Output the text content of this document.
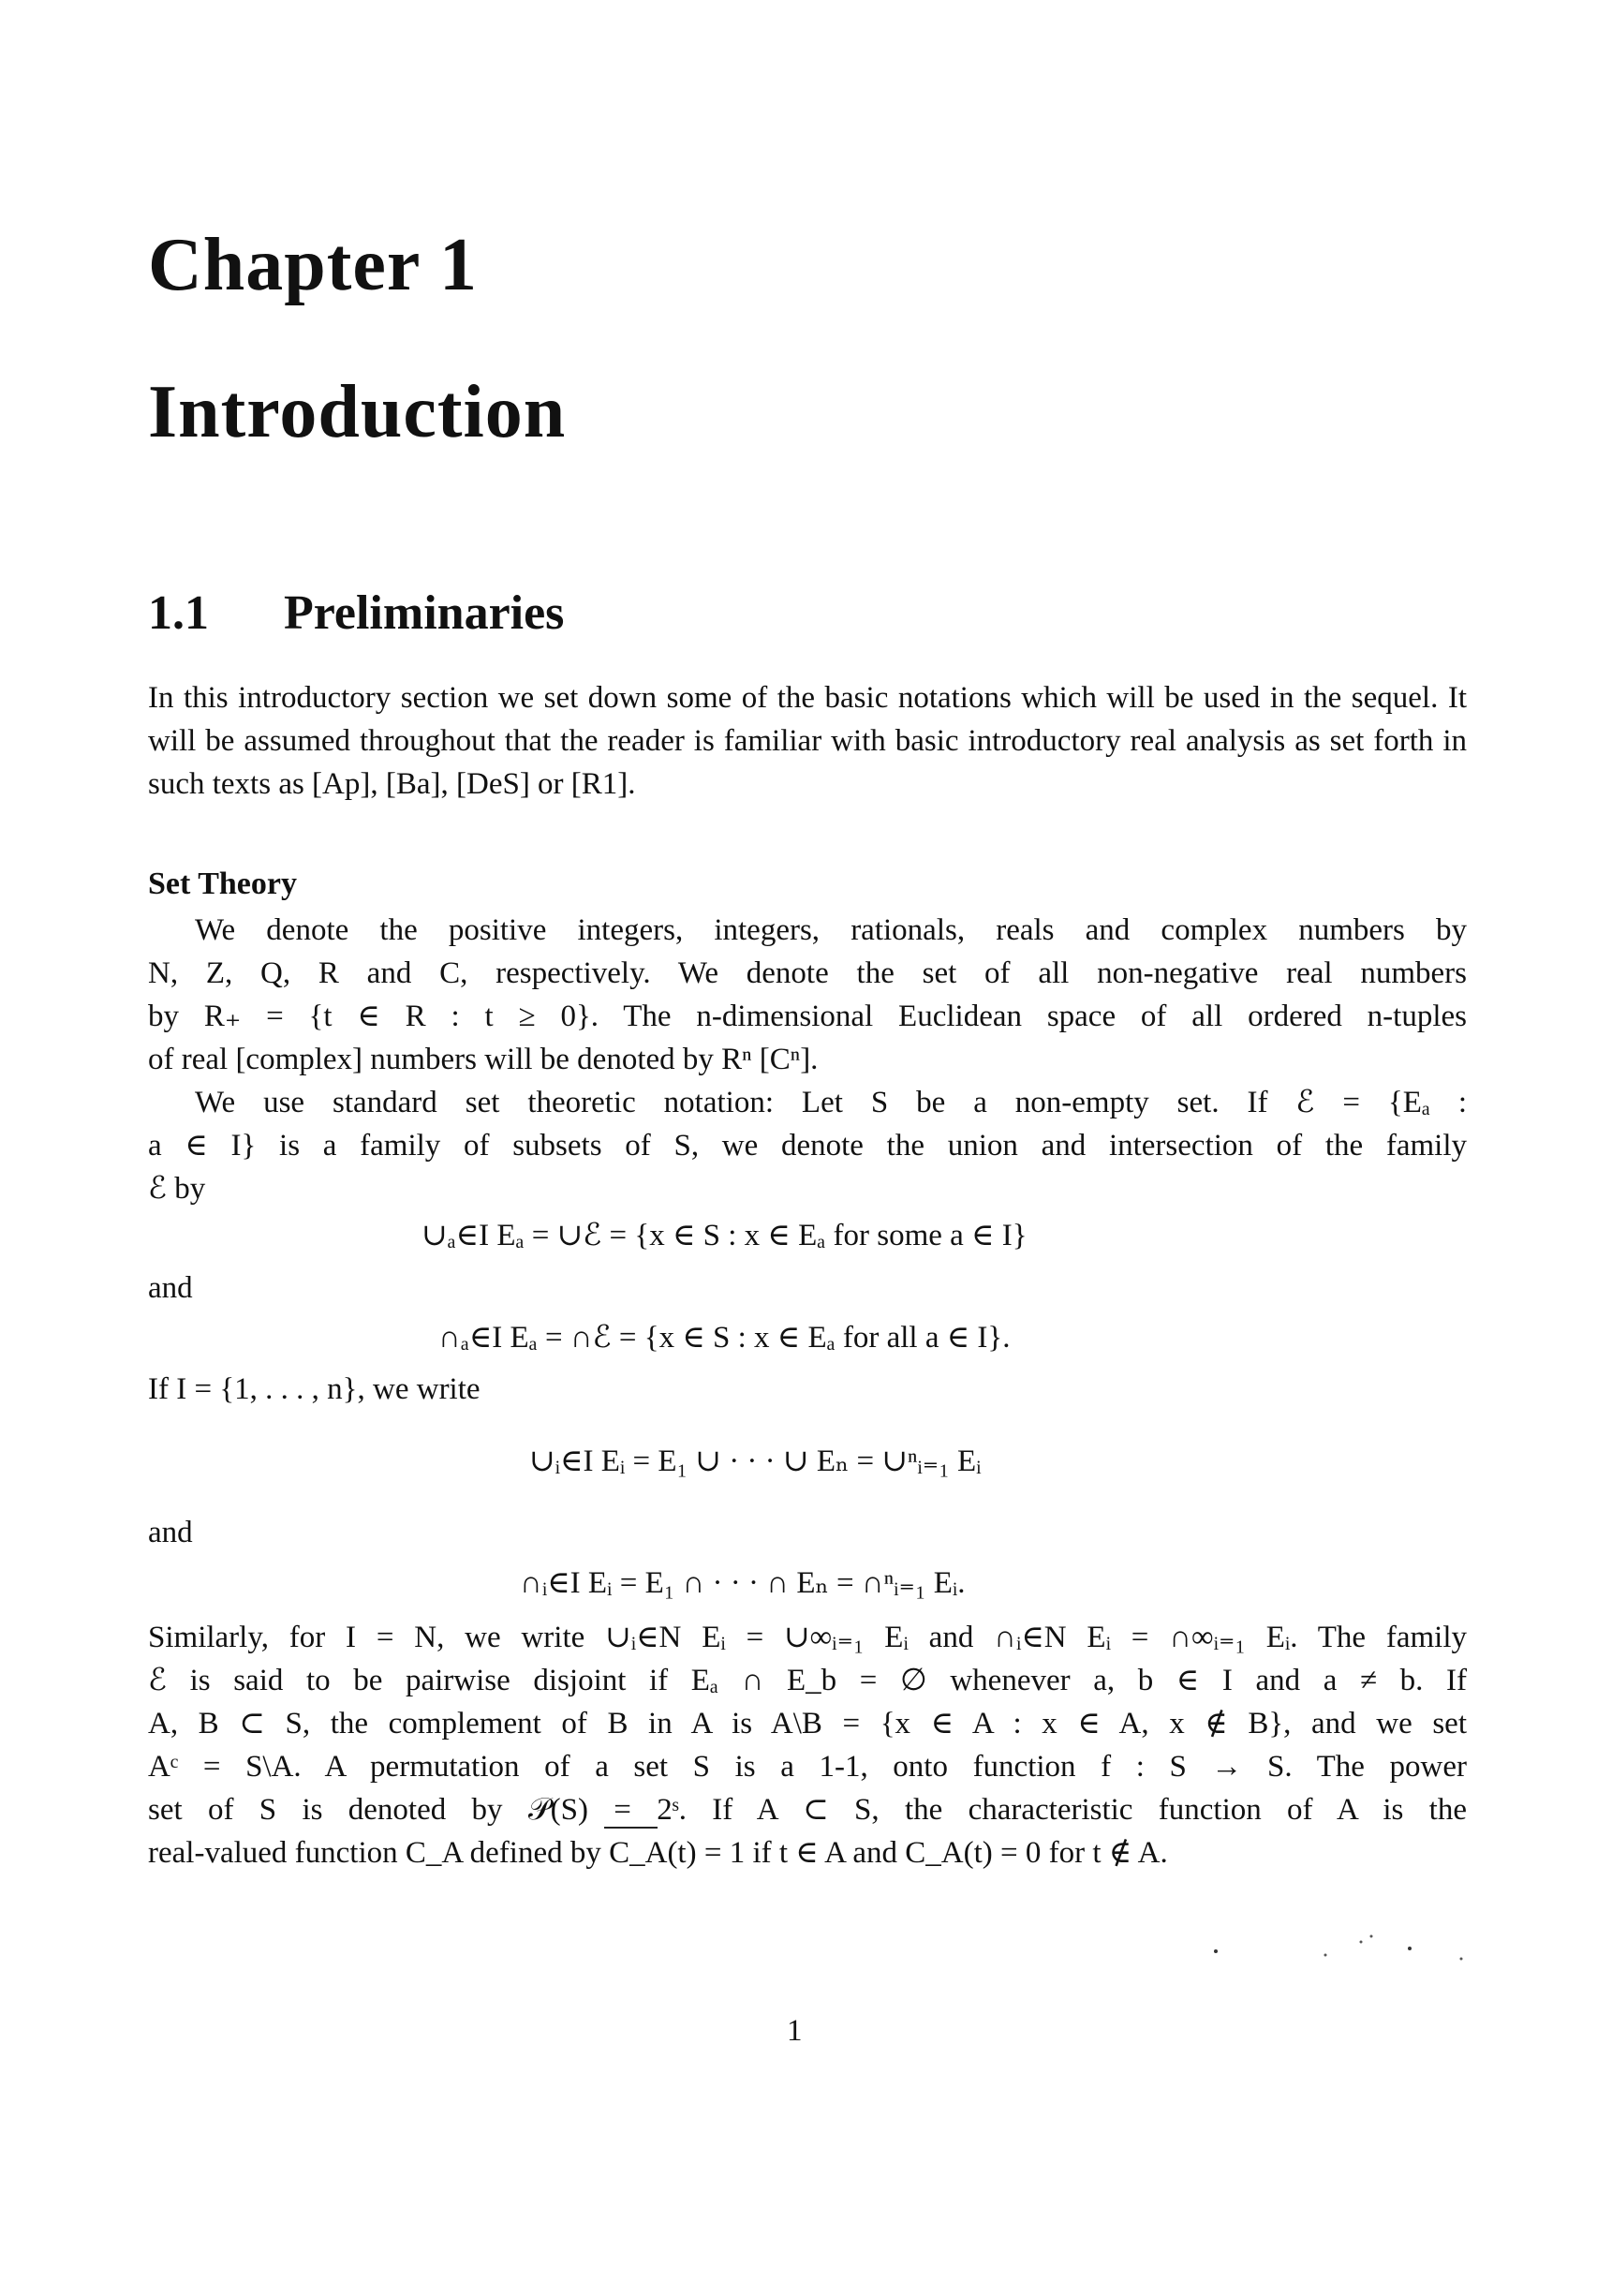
Chapter 1
Introduction
1.1 Preliminaries
In this introductory section we set down some of the basic notations which will be used in the sequel. It will be assumed throughout that the reader is familiar with basic introductory real analysis as set forth in such texts as [Ap], [Ba], [DeS] or [R1].
Set Theory
We denote the positive integers, integers, rationals, reals and complex numbers by
N, Z, Q, R and C, respectively. We denote the set of all non-negative real numbers
by R₊ = {t ∈ R : t ≥ 0}. The n-dimensional Euclidean space of all ordered n-tuples
of real [complex] numbers will be denoted by Rⁿ [Cⁿ].
We use standard set theoretic notation: Let S be a non-empty set. If ℰ = {Eₐ :
a ∈ I} is a family of subsets of S, we denote the union and intersection of the family
ℰ by
∪ₐ∈I Eₐ = ∪ℰ = {x ∈ S : x ∈ Eₐ for some a ∈ I}
and
∩ₐ∈I Eₐ = ∩ℰ = {x ∈ S : x ∈ Eₐ for all a ∈ I}.
If I = {1, . . . , n}, we write
∪ᵢ∈I Eᵢ = E₁ ∪ · · · ∪ Eₙ = ∪ⁿᵢ₌₁ Eᵢ
and
∩ᵢ∈I Eᵢ = E₁ ∩ · · · ∩ Eₙ = ∩ⁿᵢ₌₁ Eᵢ.
Similarly, for I = N, we write ∪ᵢ∈N Eᵢ = ∪∞ᵢ₌₁ Eᵢ and ∩ᵢ∈N Eᵢ = ∩∞ᵢ₌₁ Eᵢ. The family
ℰ is said to be pairwise disjoint if Eₐ ∩ E_b = ∅ whenever a, b ∈ I and a ≠ b. If
A, B ⊂ S, the complement of B in A is A\B = {x ∈ A : x ∈ A, x ∉ B}, and we set
Aᶜ = S\A. A permutation of a set S is a 1-1, onto function f : S → S. The power
set of S is denoted by 𝒫(S) = 2ˢ. If A ⊂ S, the characteristic function of A is the
real-valued function C_A defined by C_A(t) = 1 if t ∈ A and C_A(t) = 0 for t ∉ A.
1
